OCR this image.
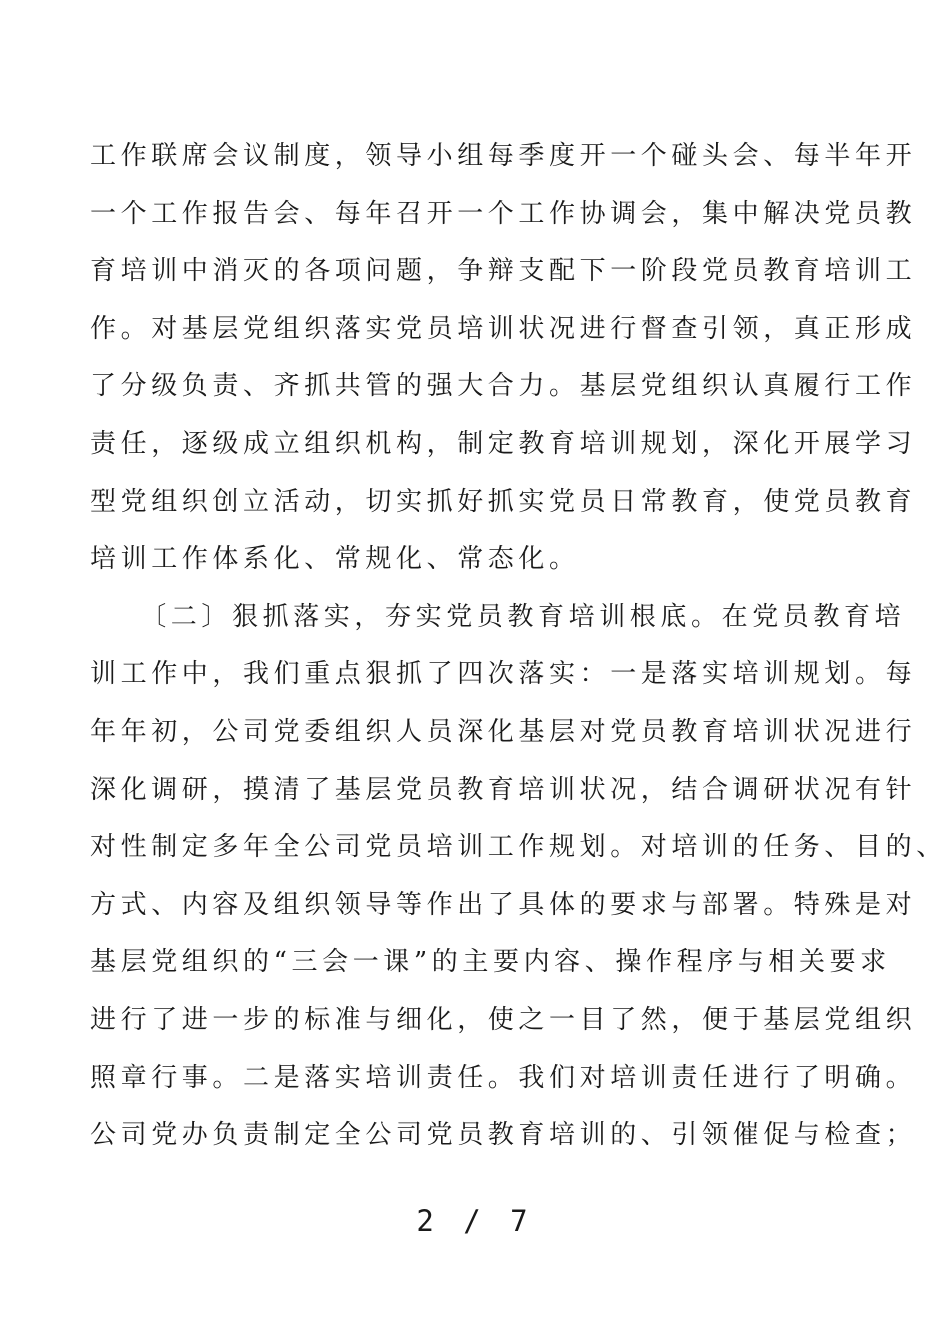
工作联席会议制度，领导小组每季度开一个碰头会、每半年开
一个工作报告会、每年召开一个工作协调会，集中解决党员教
育培训中消灭的各项问题，争辩支配下一阶段党员教育培训工
作。对基层党组织落实党员培训状况进行督查引领，真正形成
了分级负责、齐抓共管的强大合力。基层党组织认真履行工作
责任，逐级成立组织机构，制定教育培训规划，深化开展学习
型党组织创立活动，切实抓好抓实党员日常教育，使党员教育
培训工作体系化、常规化、常态化。
　　〔二〕狠抓落实，夯实党员教育培训根底。在党员教育培
训工作中，我们重点狠抓了四次落实：一是落实培训规划。每
年年初，公司党委组织人员深化基层对党员教育培训状况进行
深化调研，摸清了基层党员教育培训状况，结合调研状况有针
对性制定多年全公司党员培训工作规划。对培训的任务、目的、
方式、内容及组织领导等作出了具体的要求与部署。特殊是对
基层党组织的“三会一课”的主要内容、操作程序与相关要求
进行了进一步的标准与细化，使之一目了然，便于基层党组织
照章行事。二是落实培训责任。我们对培训责任进行了明确。
公司党办负责制定全公司党员教育培训的、引领催促与检查；
2 / 7
